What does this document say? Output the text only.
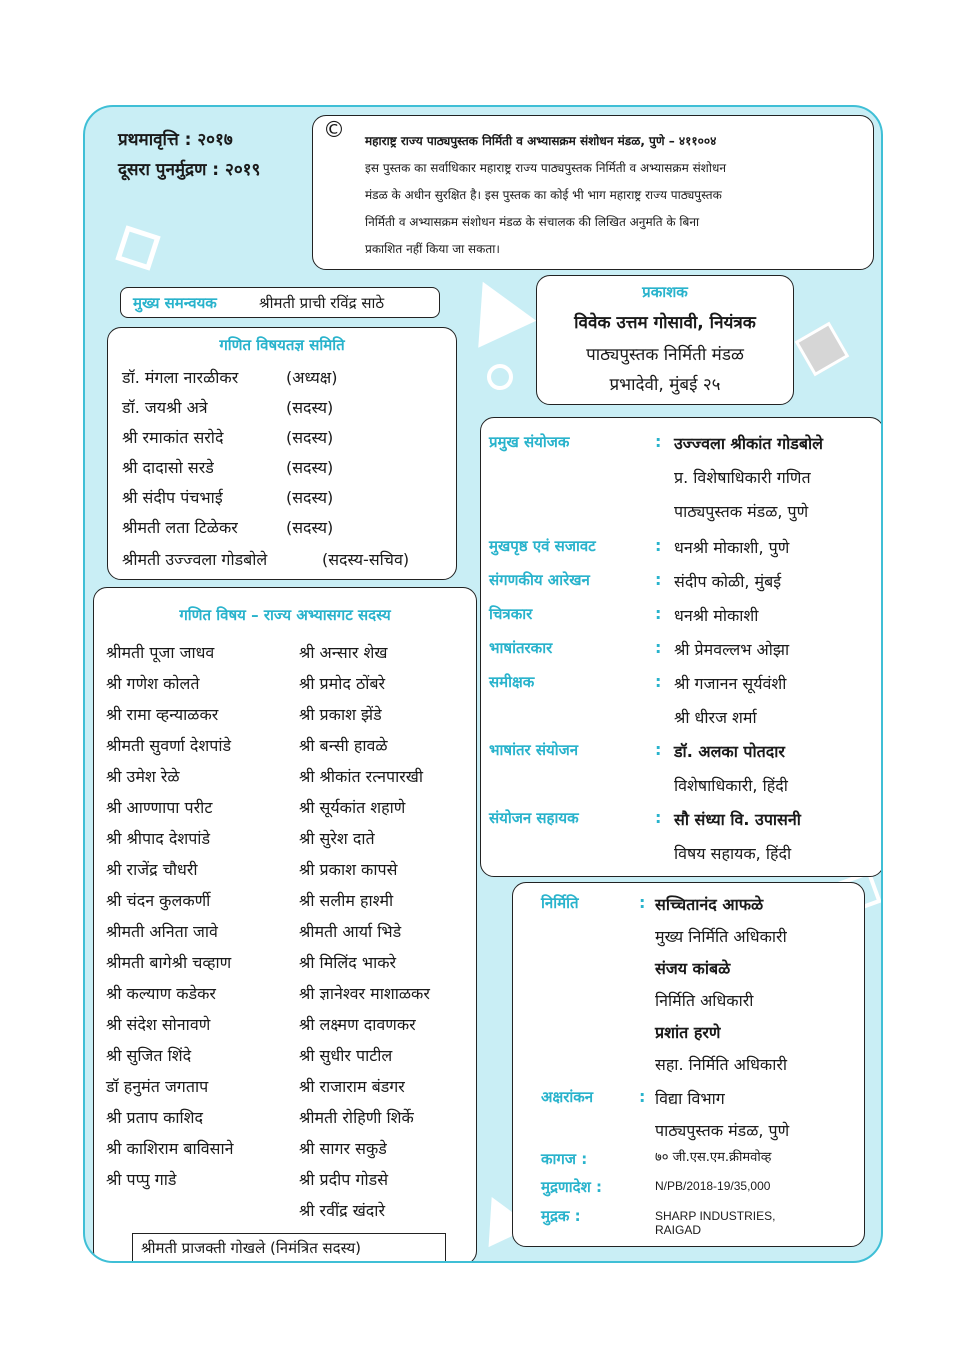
प्रथमावृत्ति : २०१७
दूसरा पुनर्मुद्रण : २०१९
© महाराष्ट्र राज्य पाठ्यपुस्तक निर्मिती व अभ्यासक्रम संशोधन मंडळ, पुणे – ४११००४
इस पुस्तक का सर्वाधिकार महाराष्ट्र राज्य पाठ्यपुस्तक निर्मिती व अभ्यासक्रम संशोधन
मंडळ के अधीन सुरक्षित है। इस पुस्तक का कोई भी भाग महाराष्ट्र राज्य पाठ्यपुस्तक
निर्मिती व अभ्यासक्रम संशोधन मंडळ के संचालक की लिखित अनुमति के बिना
प्रकाशित नहीं किया जा सकता।
मुख्य समन्वयक	श्रीमती प्राची रविंद्र साठे
प्रकाशक
विवेक उत्तम गोसावी, नियंत्रक
पाठ्यपुस्तक निर्मिती मंडळ
प्रभादेवी, मुंबई २५
गणित विषयतज्ञ समिति
डॉ. मंगला नारळीकर	(अध्यक्ष)
डॉ. जयश्री अत्रे	(सदस्य)
श्री रमाकांत सरोदे	(सदस्य)
श्री दादासो सरडे	(सदस्य)
श्री संदीप पंचभाई	(सदस्य)
श्रीमती लता टिळेकर	(सदस्य)
श्रीमती उज्ज्वला गोडबोले	(सदस्य-सचिव)
गणित विषय – राज्य अभ्यासगट सदस्य
श्रीमती पूजा जाधव
श्री गणेश कोलते
श्री रामा व्हन्याळकर
श्रीमती सुवर्णा देशपांडे
श्री उमेश रेळे
श्री आण्णापा परीट
श्री श्रीपाद देशपांडे
श्री राजेंद्र चौधरी
श्री चंदन कुलकर्णी
श्रीमती अनिता जावे
श्रीमती बागेश्री चव्हाण
श्री कल्याण कडेकर
श्री संदेश सोनावणे
श्री सुजित शिंदे
डॉ हनुमंत जगताप
श्री प्रताप काशिद
श्री काशिराम बाविसाने
श्री पप्पु गाडे
श्री अन्सार शेख
श्री प्रमोद ठोंबरे
श्री प्रकाश झेंडे
श्री बन्सी हावळे
श्री श्रीकांत रत्नपारखी
श्री सूर्यकांत शहाणे
श्री सुरेश दाते
श्री प्रकाश कापसे
श्री सलीम हाश्मी
श्रीमती आर्या भिडे
श्री मिलिंद भाकरे
श्री ज्ञानेश्वर माशाळकर
श्री लक्ष्मण दावणकर
श्री सुधीर पाटील
श्री राजाराम बंडगर
श्रीमती रोहिणी शिर्के
श्री सागर सकुडे
श्री प्रदीप गोडसे
श्री रवींद्र खंदारे
श्रीमती प्राजक्ती गोखले (निमंत्रित सदस्य)
प्रमुख संयोजक	: उज्ज्वला श्रीकांत गोडबोले
प्र. विशेषाधिकारी गणित
पाठ्यपुस्तक मंडळ, पुणे
मुखपृष्ठ एवं सजावट	: धनश्री मोकाशी, पुणे
संगणकीय आरेखन	: संदीप कोळी, मुंबई
चित्रकार	: धनश्री मोकाशी
भाषांतरकार	: श्री प्रेमवल्लभ ओझा
समीक्षक	: श्री गजानन सूर्यवंशी
श्री धीरज शर्मा
भाषांतर संयोजन	: डॉ. अलका पोतदार
विशेषाधिकारी, हिंदी
संयोजन सहायक	: सौ संध्या वि. उपासनी
विषय सहायक, हिंदी
निर्मिति	: सच्चितानंद आफळे
मुख्य निर्मिति अधिकारी
संजय कांबळे
निर्मिति अधिकारी
प्रशांत हरणे
सहा. निर्मिति अधिकारी
अक्षरांकन	: विद्या विभाग
पाठ्यपुस्तक मंडळ, पुणे
कागज :	७० जी.एस.एम.क्रीमवोव्ह
मुद्रणादेश :	N/PB/2018-19/35,000
मुद्रक :	SHARP INDUSTRIES,
RAIGAD
